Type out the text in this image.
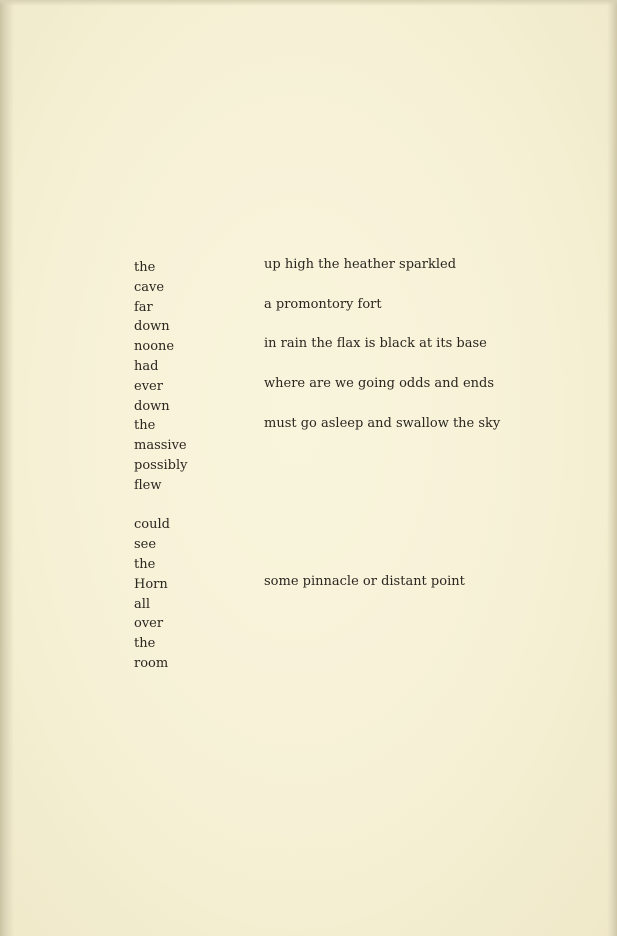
the
cave
far
down
noone
had
ever
down
the
massive
possibly
flew
could
see
the
Horn
all
over
the
room
up high the heather sparkled
a promontory fort
in rain the flax is black at its base
where are we going odds and ends
must go asleep and swallow the sky
some pinnacle or distant point
